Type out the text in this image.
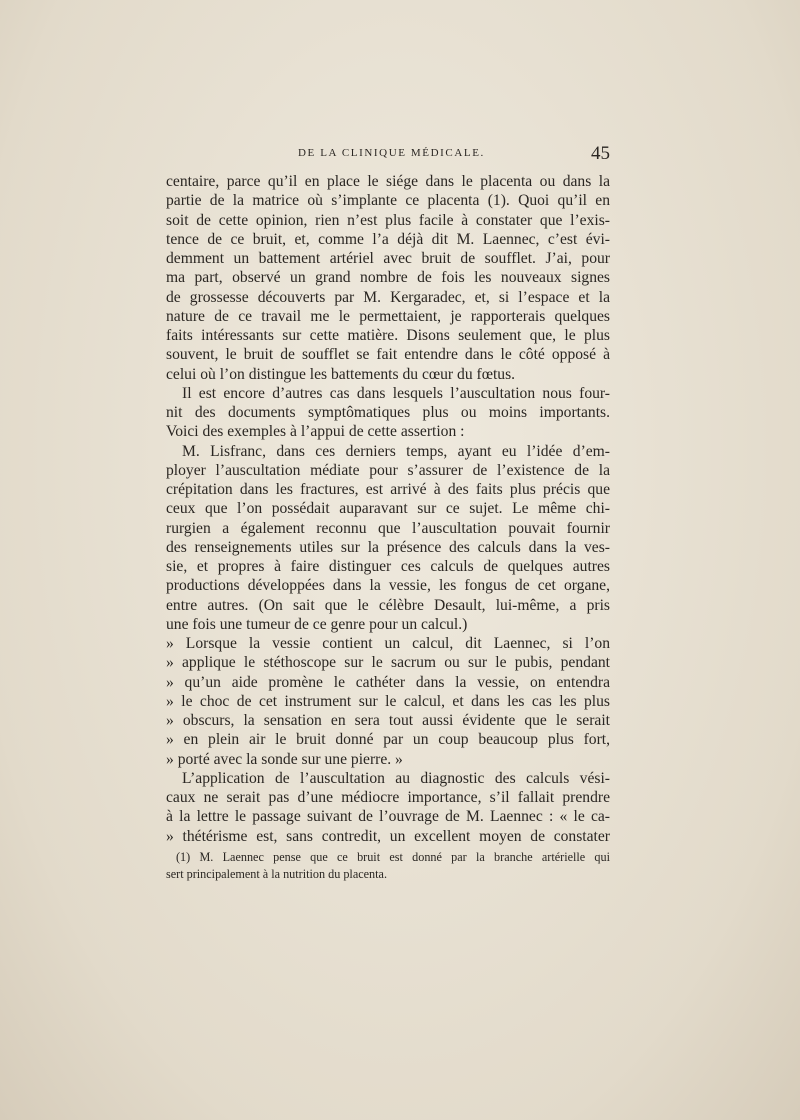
DE LA CLINIQUE MÉDICALE.	45
centaire, parce qu’il en place le siége dans le placenta ou dans la
partie de la matrice où s’implante ce placenta (1). Quoi qu’il en
soit de cette opinion, rien n’est plus facile à constater que l’exis-
tence de ce bruit, et, comme l’a déjà dit M. Laennec, c’est évi-
demment un battement artériel avec bruit de soufflet. J’ai, pour
ma part, observé un grand nombre de fois les nouveaux signes
de grossesse découverts par M. Kergaradec, et, si l’espace et la
nature de ce travail me le permettaient, je rapporterais quelques
faits intéressants sur cette matière. Disons seulement que, le plus
souvent, le bruit de soufflet se fait entendre dans le côté opposé à
celui où l’on distingue les battements du cœur du fœtus.
Il est encore d’autres cas dans lesquels l’auscultation nous four-
nit des documents symptômatiques plus ou moins importants.
Voici des exemples à l’appui de cette assertion :
M. Lisfranc, dans ces derniers temps, ayant eu l’idée d’em-
ployer l’auscultation médiate pour s’assurer de l’existence de la
crépitation dans les fractures, est arrivé à des faits plus précis que
ceux que l’on possédait auparavant sur ce sujet. Le même chi-
rurgien a également reconnu que l’auscultation pouvait fournir
des renseignements utiles sur la présence des calculs dans la ves-
sie, et propres à faire distinguer ces calculs de quelques autres
productions développées dans la vessie, les fongus de cet organe,
entre autres. (On sait que le célèbre Desault, lui-même, a pris
une fois une tumeur de ce genre pour un calcul.)
» Lorsque la vessie contient un calcul, dit Laennec, si l’on
» applique le stéthoscope sur le sacrum ou sur le pubis, pendant
» qu’un aide promène le cathéter dans la vessie, on entendra
» le choc de cet instrument sur le calcul, et dans les cas les plus
» obscurs, la sensation en sera tout aussi évidente que le serait
» en plein air le bruit donné par un coup beaucoup plus fort,
» porté avec la sonde sur une pierre. »
L’application de l’auscultation au diagnostic des calculs vési-
caux ne serait pas d’une médiocre importance, s’il fallait prendre
à la lettre le passage suivant de l’ouvrage de M. Laennec : « le ca-
» thétérisme est, sans contredit, un excellent moyen de constater
(1) M. Laennec pense que ce bruit est donné par la branche artérielle qui
sert principalement à la nutrition du placenta.
